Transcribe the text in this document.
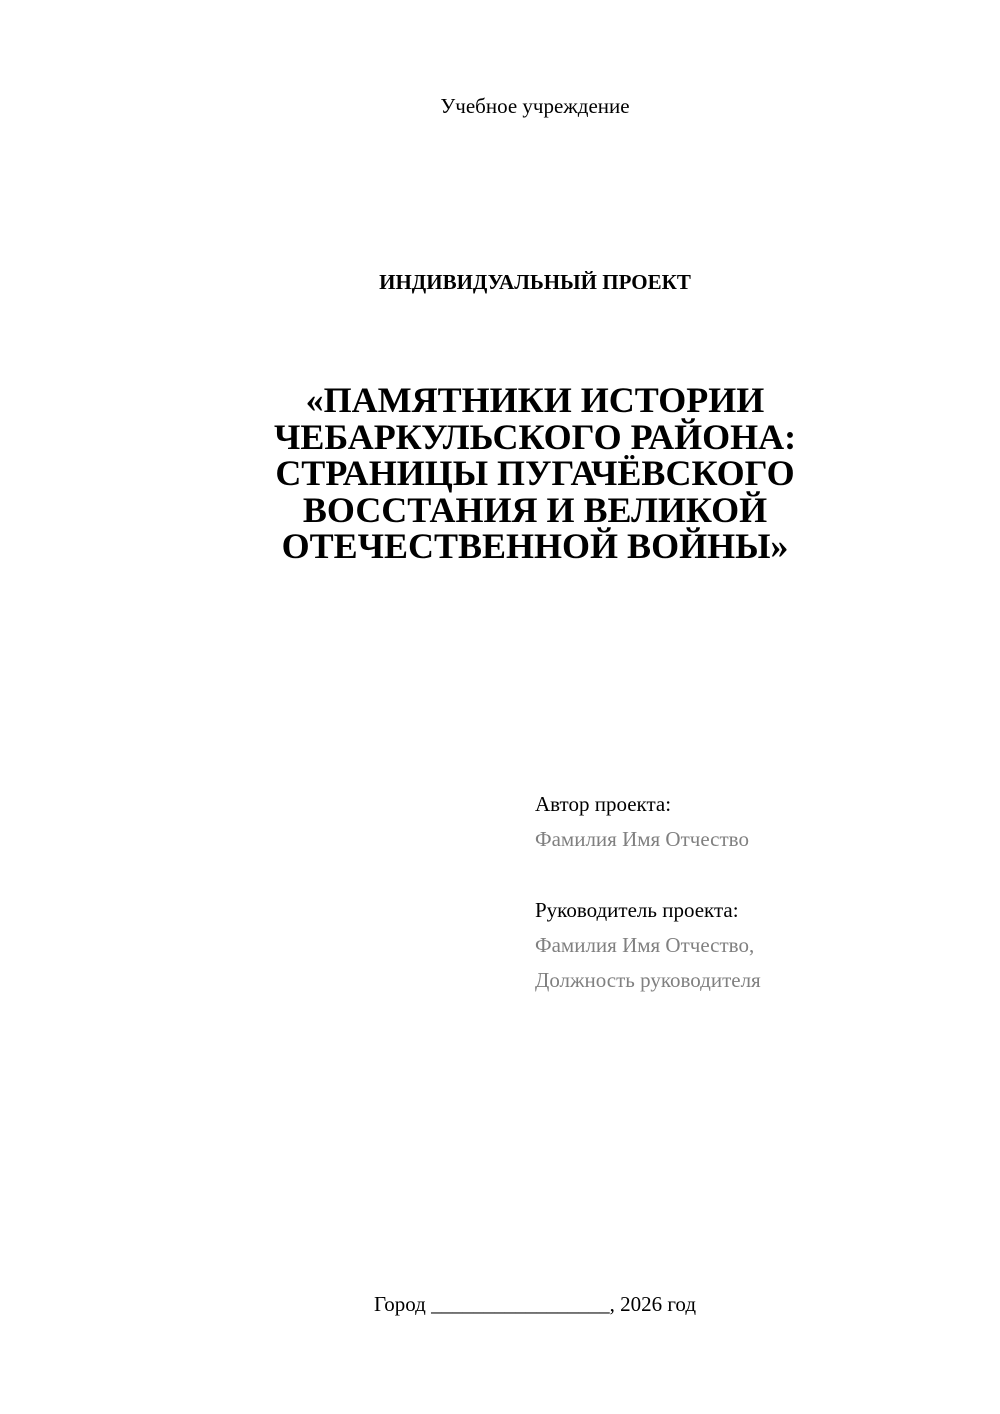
Учебное учреждение
ИНДИВИДУАЛЬНЫЙ ПРОЕКТ
«ПАМЯТНИКИ ИСТОРИИ
ЧЕБАРКУЛЬСКОГО РАЙОНА:
СТРАНИЦЫ ПУГАЧЁВСКОГО
ВОССТАНИЯ И ВЕЛИКОЙ
ОТЕЧЕСТВЕННОЙ ВОЙНЫ»
Автор проекта:
Фамилия Имя Отчество
Руководитель проекта:
Фамилия Имя Отчество,
Должность руководителя
Город _________________, 2026 год
